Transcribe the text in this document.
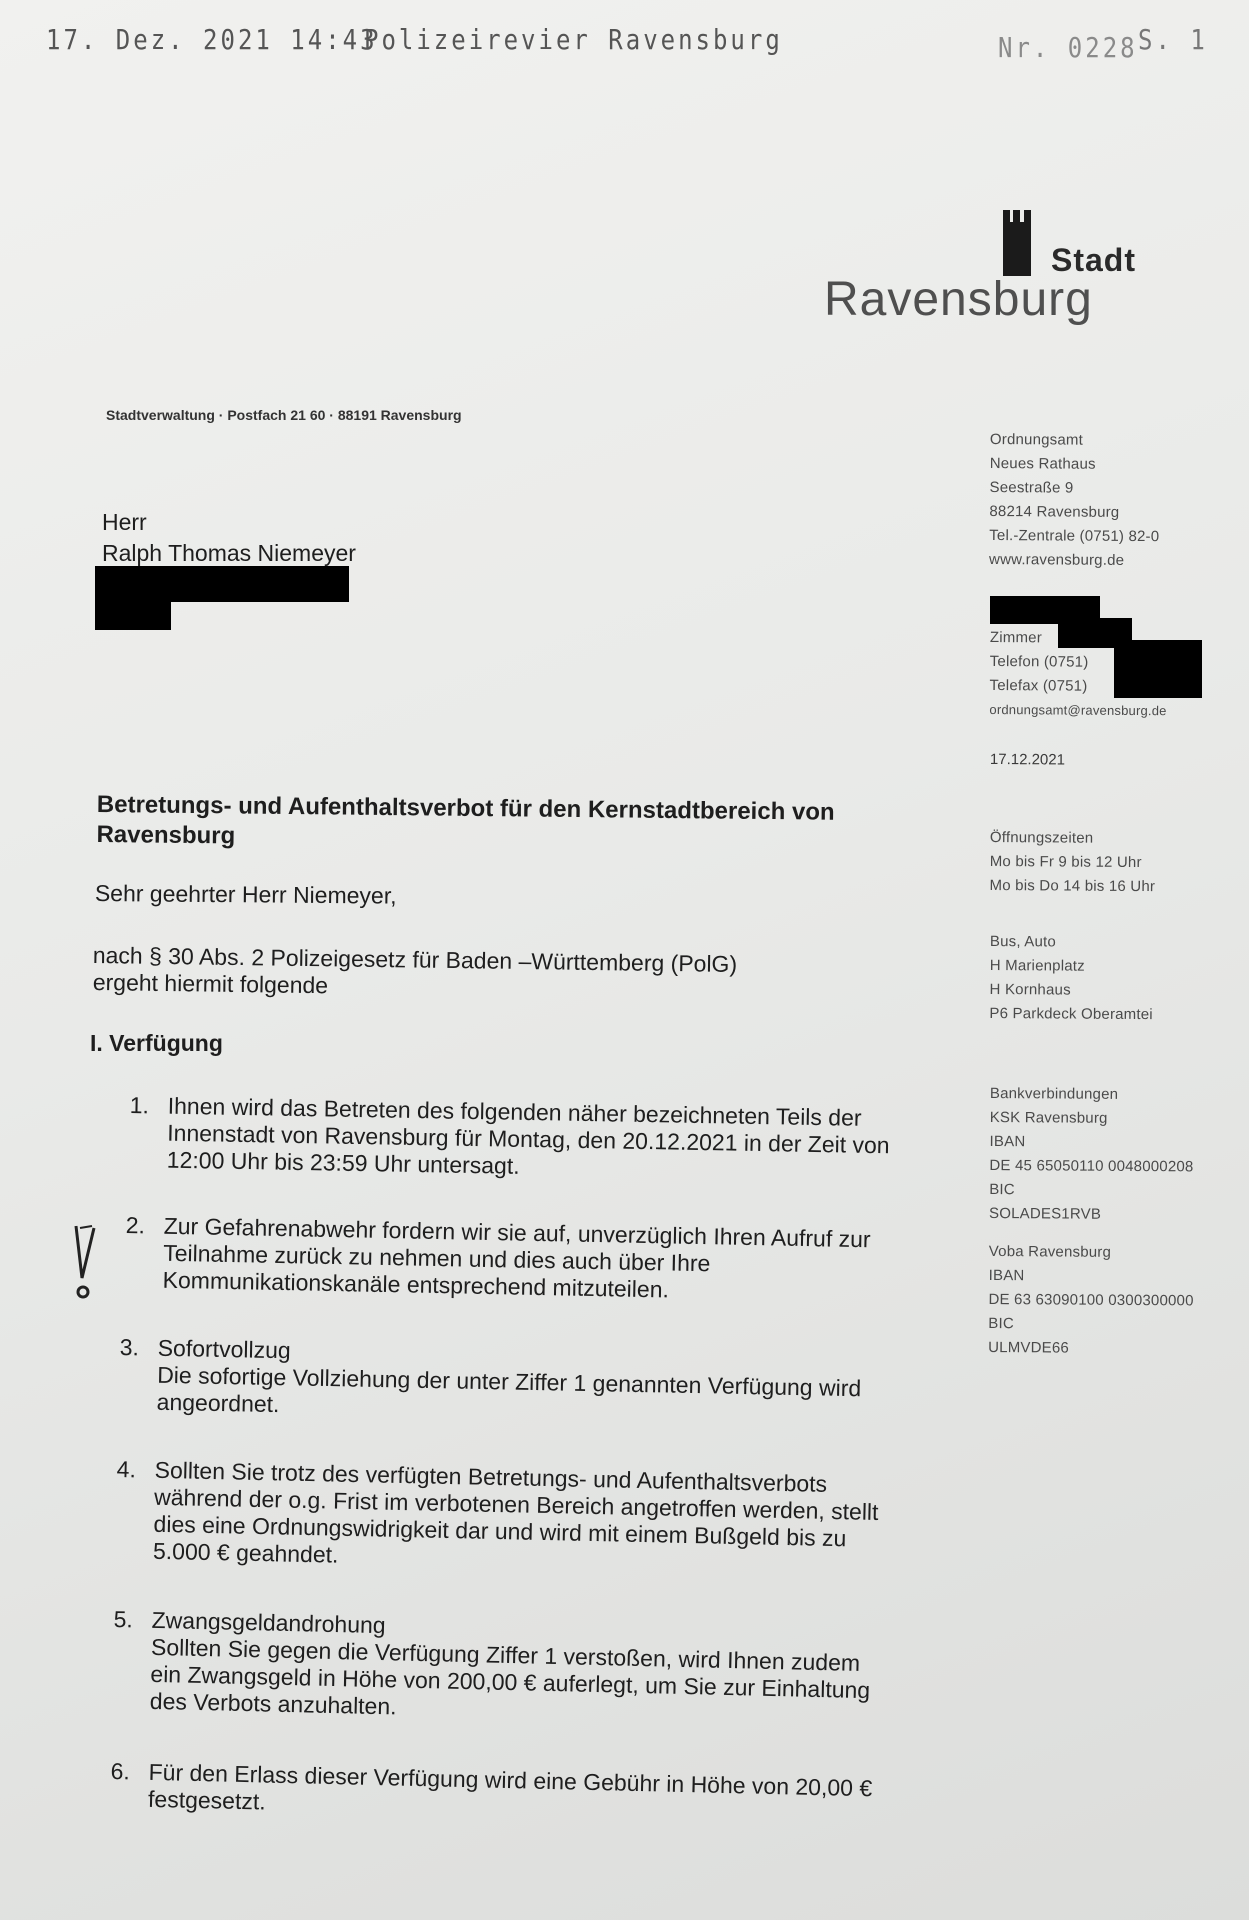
17. Dez. 2021 14:43
Polizeirevier Ravensburg	Nr. 0228 S. 1
Stadt
Ravensburg
Stadtverwaltung · Postfach 21 60 · 88191 Ravensburg
Herr
Ralph Thomas Niemeyer
Ordnungsamt
Neues Rathaus
Seestraße 9
88214 Ravensburg
Tel.-Zentrale (0751) 82-0
www.ravensburg.de
Zimmer
Telefon (0751)
Telefax (0751)
ordnungsamt@ravensburg.de
17.12.2021
Öffnungszeiten
Mo bis Fr 9 bis 12 Uhr
Mo bis Do 14 bis 16 Uhr
Bus, Auto
H Marienplatz
H Kornhaus
P6 Parkdeck Oberamtei
Bankverbindungen
KSK Ravensburg
IBAN
DE 45 65050110 0048000208
BIC
SOLADES1RVB
Voba Ravensburg
IBAN
DE 63 63090100 0300300000
BIC
ULMVDE66
Betretungs- und Aufenthaltsverbot für den Kernstadtbereich von Ravensburg
Sehr geehrter Herr Niemeyer,
nach § 30 Abs. 2 Polizeigesetz für Baden –Württemberg (PolG)
ergeht hiermit folgende
I. Verfügung
1. Ihnen wird das Betreten des folgenden näher bezeichneten Teils der Innenstadt von Ravensburg für Montag, den 20.12.2021 in der Zeit von 12:00 Uhr bis 23:59 Uhr untersagt.
2. Zur Gefahrenabwehr fordern wir sie auf, unverzüglich Ihren Aufruf zur Teilnahme zurück zu nehmen und dies auch über Ihre Kommunikationskanäle entsprechend mitzuteilen.
3. Sofortvollzug
Die sofortige Vollziehung der unter Ziffer 1 genannten Verfügung wird angeordnet.
4. Sollten Sie trotz des verfügten Betretungs- und Aufenthaltsverbots während der o.g. Frist im verbotenen Bereich angetroffen werden, stellt dies eine Ordnungswidrigkeit dar und wird mit einem Bußgeld bis zu 5.000 € geahndet.
5. Zwangsgeldandrohung
Sollten Sie gegen die Verfügung Ziffer 1 verstoßen, wird Ihnen zudem ein Zwangsgeld in Höhe von 200,00 € auferlegt, um Sie zur Einhaltung des Verbots anzuhalten.
6. Für den Erlass dieser Verfügung wird eine Gebühr in Höhe von 20,00 € festgesetzt.
